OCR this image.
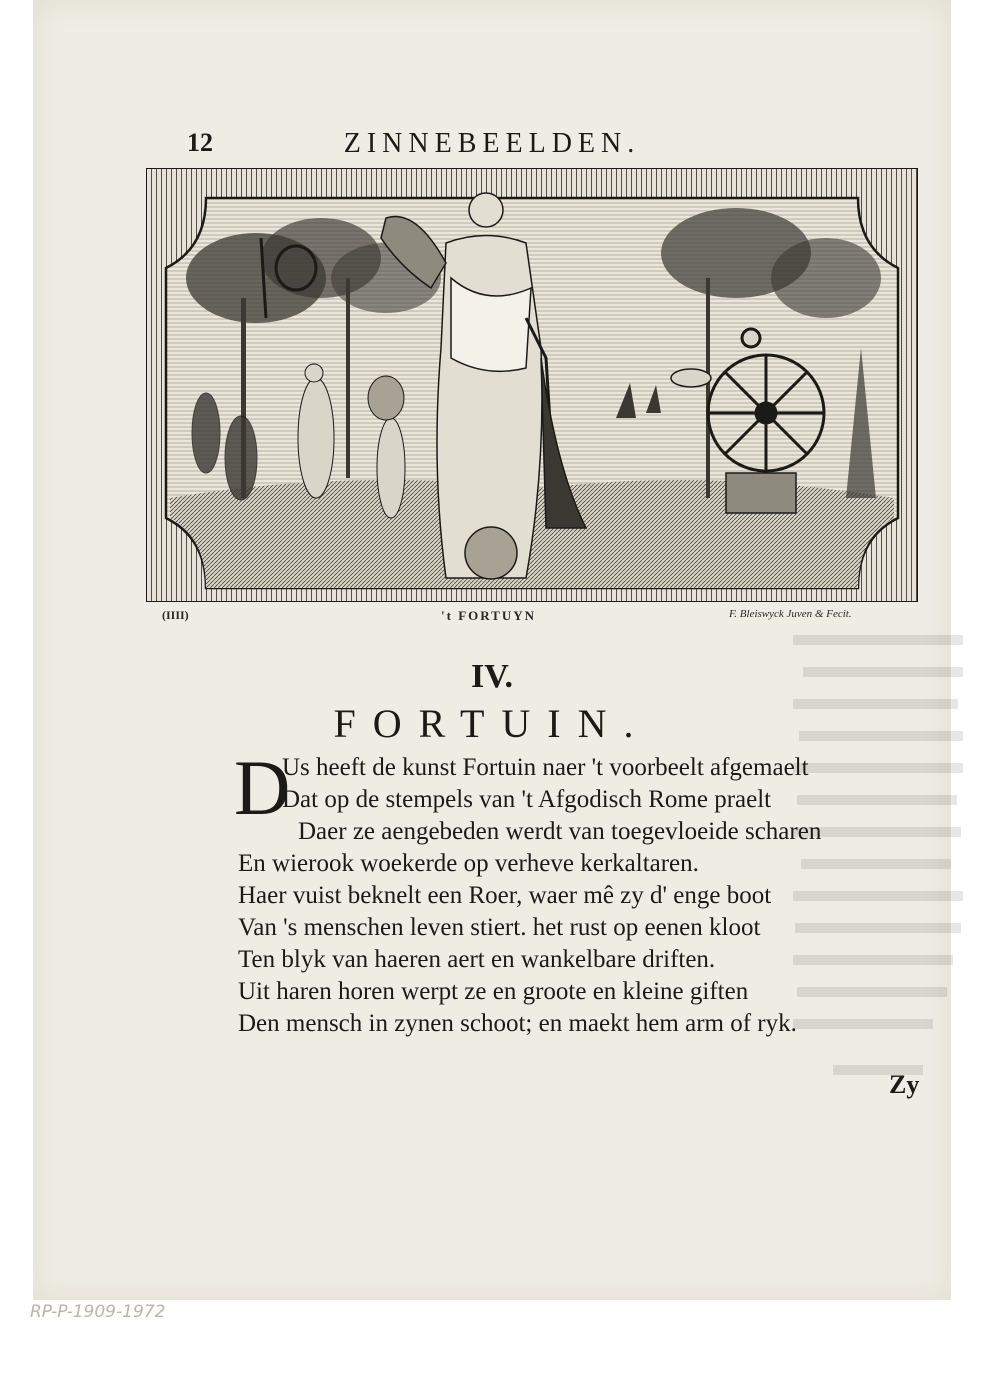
12	ZINNEBEELDEN.
(IIII)	't FORTUYN	F. Bleiswyck Juven & Fecit.
IV.
FORTUIN.
D
Us heeft de kunst Fortuin naer 't voorbeelt afgemaelt
Dat op de stempels van 't Afgodisch Rome praelt
Daer ze aengebeden werdt van toegevloeide scharen
En wierook woekerde op verheve kerkaltaren.
Haer vuist beknelt een Roer, waer mê zy d' enge boot
Van 's menschen leven stiert. het rust op eenen kloot
Ten blyk van haeren aert en wankelbare driften.
Uit haren horen werpt ze en groote en kleine giften
Den mensch in zynen schoot; en maekt hem arm of ryk.
Zy
RP-P-1909-1972
